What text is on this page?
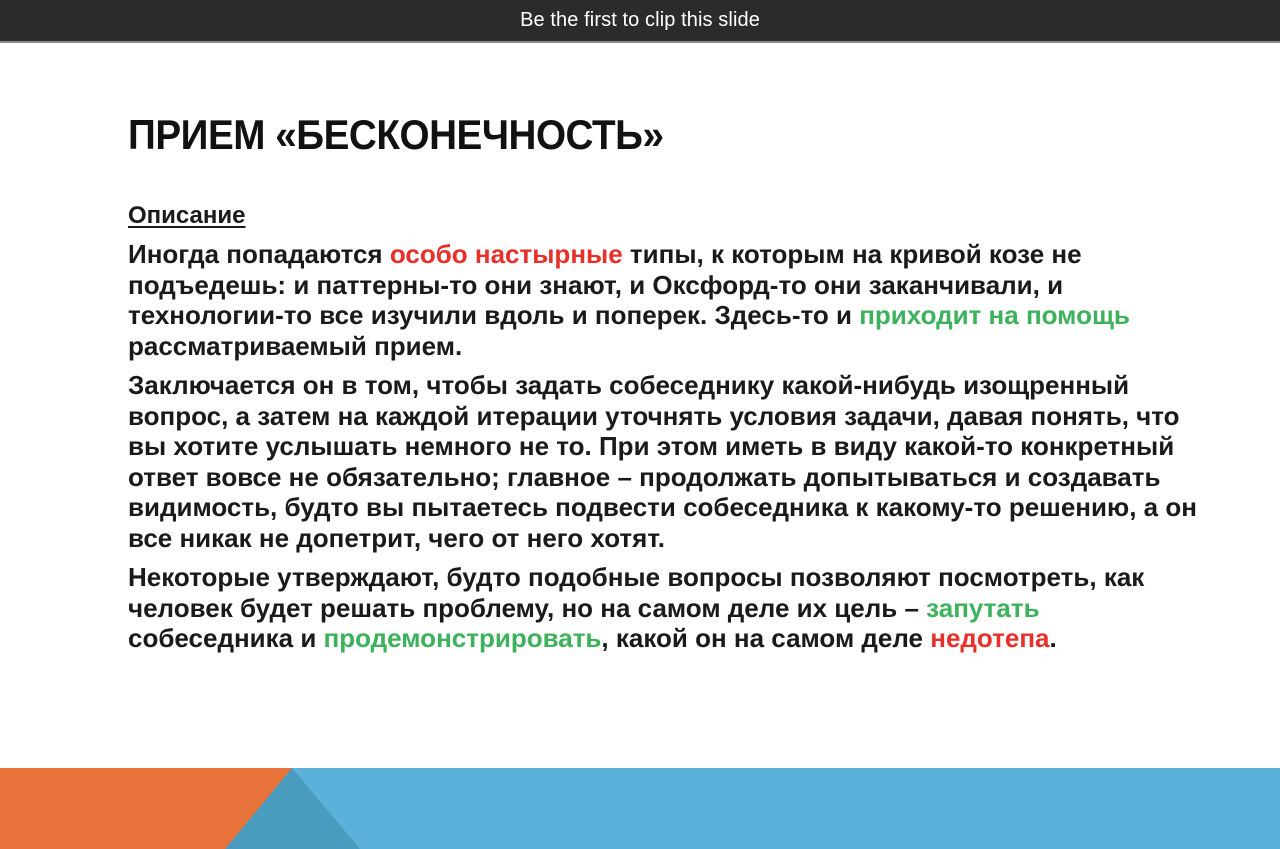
Be the first to clip this slide
ПРИЕМ «БЕСКОНЕЧНОСТЬ»

Описание

Иногда попадаются особо настырные типы, к которым на кривой козе не подъедешь: и паттерны-то они знают, и Оксфорд-то они заканчивали, и технологии-то все изучили вдоль и поперек. Здесь-то и приходит на помощь рассматриваемый прием.

Заключается он в том, чтобы задать собеседнику какой-нибудь изощренный вопрос, а затем на каждой итерации уточнять условия задачи, давая понять, что вы хотите услышать немного не то. При этом иметь в виду какой-то конкретный ответ вовсе не обязательно; главное – продолжать допытываться и создавать видимость, будто вы пытаетесь подвести собеседника к какому-то решению, а он все никак не допетрит, чего от него хотят.

Некоторые утверждают, будто подобные вопросы позволяют посмотреть, как человек будет решать проблему, но на самом деле их цель – запутать собеседника и продемонстрировать, какой он на самом деле недотепа.
